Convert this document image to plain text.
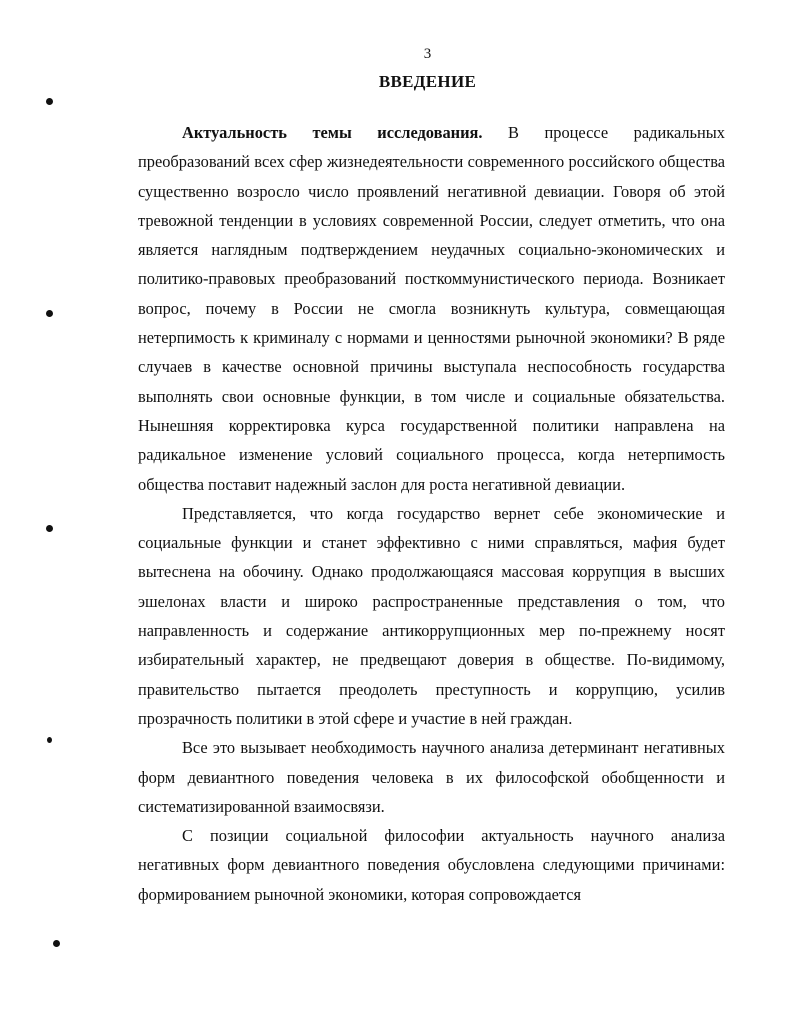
3
ВВЕДЕНИЕ

Актуальность темы исследования. В процессе радикальных преобразований всех сфер жизнедеятельности современного российского общества существенно возросло число проявлений негативной девиации. Говоря об этой тревожной тенденции в условиях современной России, следует отметить, что она является наглядным подтверждением неудачных социально-экономических и политико-правовых преобразований посткоммунистического периода. Возникает вопрос, почему в России не смогла возникнуть культура, совмещающая нетерпимость к криминалу с нормами и ценностями рыночной экономики? В ряде случаев в качестве основной причины выступала неспособность государства выполнять свои основные функции, в том числе и социальные обязательства. Нынешняя корректировка курса государственной политики направлена на радикальное изменение условий социального процесса, когда нетерпимость общества поставит надежный заслон для роста негативной девиации.

Представляется, что когда государство вернет себе экономические и социальные функции и станет эффективно с ними справляться, мафия будет вытеснена на обочину. Однако продолжающаяся массовая коррупция в высших эшелонах власти и широко распространенные представления о том, что направленность и содержание антикоррупционных мер по-прежнему носят избирательный характер, не предвещают доверия в обществе. По-видимому, правительство пытается преодолеть преступность и коррупцию, усилив прозрачность политики в этой сфере и участие в ней граждан.

Все это вызывает необходимость научного анализа детерминант негативных форм девиантного поведения человека в их философской обобщенности и систематизированной взаимосвязи.

С позиции социальной философии актуальность научного анализа негативных форм девиантного поведения обусловлена следующими причинами: формированием рыночной экономики, которая сопровождается
